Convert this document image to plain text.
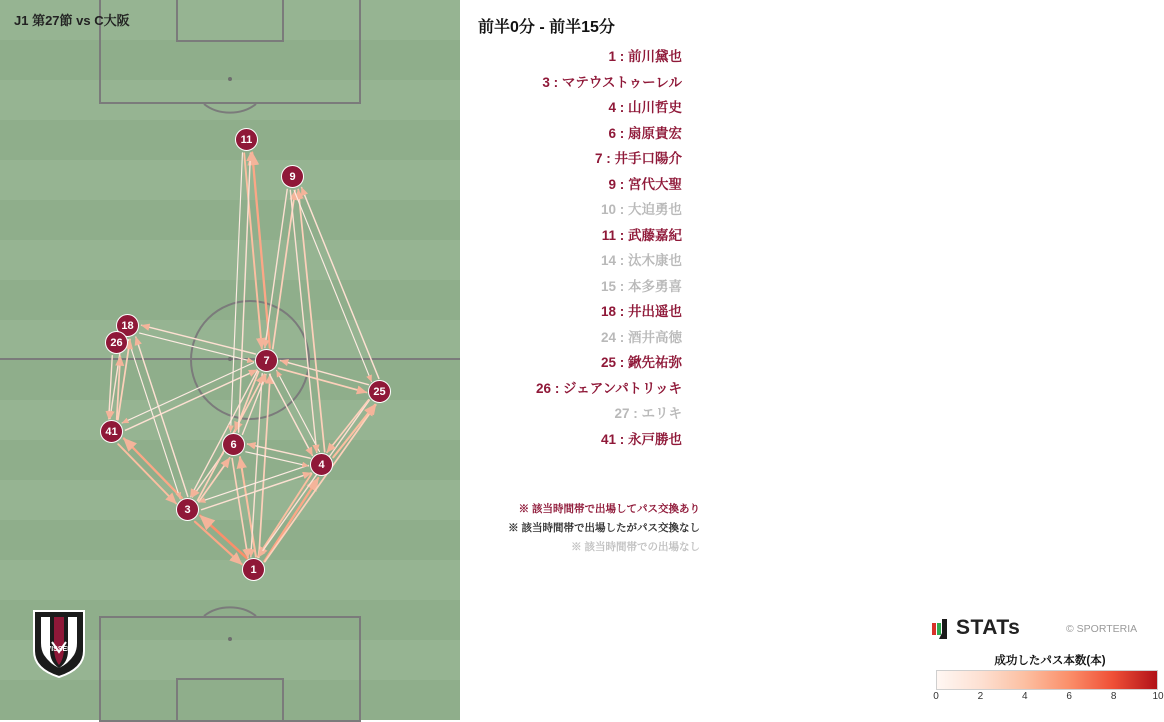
11
9
18
26
7
25
41
6
4
3
1
J1 第27節 vs C大阪
VISSEL
前半0分 - 前半15分
1 : 前川黛也
3 : マテウストゥーレル
4 : 山川哲史
6 : 扇原貴宏
7 : 井手口陽介
9 : 宮代大聖
10 : 大迫勇也
11 : 武藤嘉紀
14 : 汰木康也
15 : 本多勇喜
18 : 井出遥也
24 : 酒井高徳
25 : 鍬先祐弥
26 : ジェアンパトリッキ
27 : エリキ
41 : 永戸勝也
※ 該当時間帯で出場してパス交換あり
※ 該当時間帯で出場したがパス交換なし
※ 該当時間帯での出場なし
STATs	© SPORTERIA
成功したパス本数(本)
0	2	4	6	8	10
